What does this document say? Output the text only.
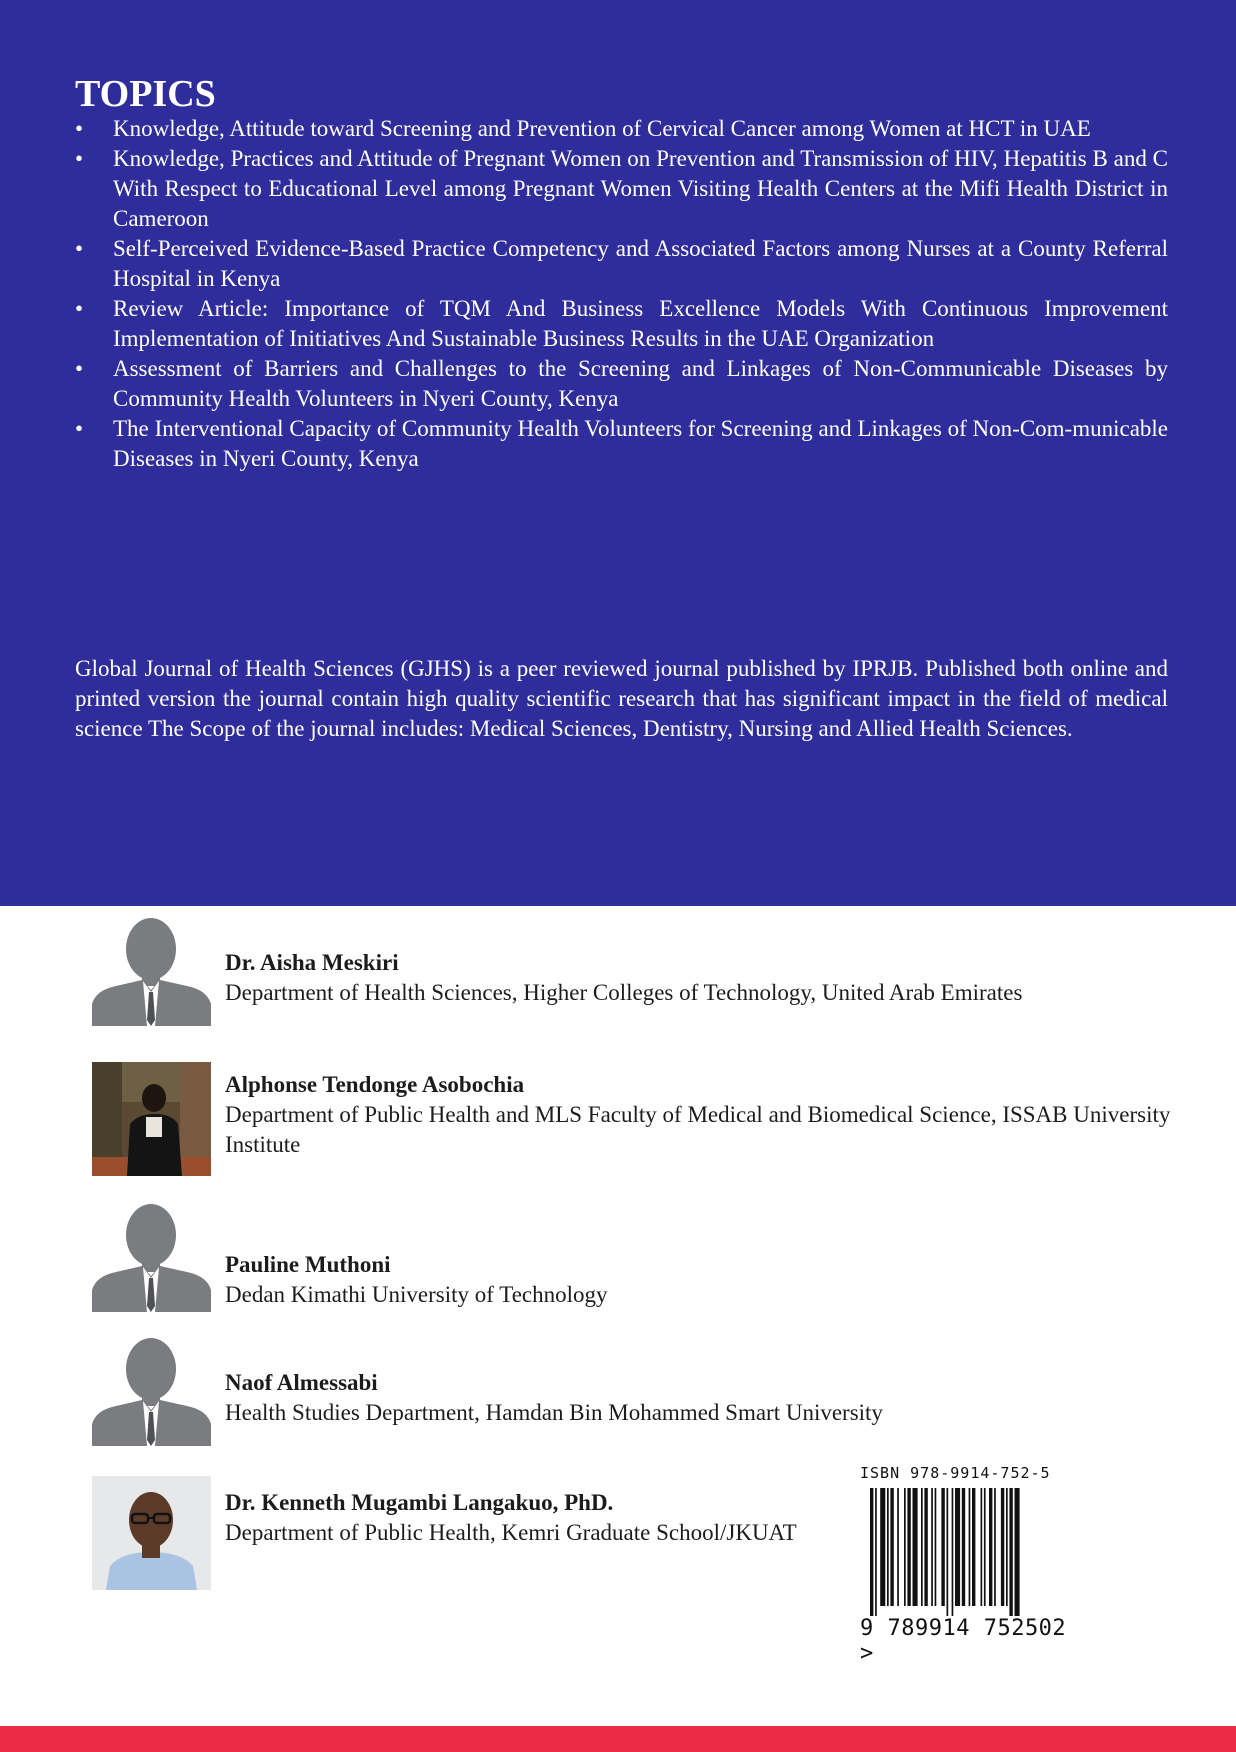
TOPICS
• Knowledge, Attitude toward Screening and Prevention of Cervical Cancer among Women at HCT in UAE
• Knowledge, Practices and Attitude of Pregnant Women on Prevention and Transmission of HIV, Hepatitis B and C With Respect to Educational Level among Pregnant Women Visiting Health Centers at the Mifi Health District in Cameroon
• Self-Perceived Evidence-Based Practice Competency and Associated Factors among Nurses at a County Referral Hospital in Kenya
• Review Article: Importance of TQM And Business Excellence Models With Continuous Improvement Implementation of Initiatives And Sustainable Business Results in the UAE Organization
• Assessment of Barriers and Challenges to the Screening and Linkages of Non-Communicable Diseases by Community Health Volunteers in Nyeri County, Kenya
• The Interventional Capacity of Community Health Volunteers for Screening and Linkages of Non-Com-municable Diseases in Nyeri County, Kenya

Global Journal of Health Sciences (GJHS) is a peer reviewed journal published by IPRJB. Published both online and printed version the journal contain high quality scientific research that has significant impact in the field of medical science The Scope of the journal includes: Medical Sciences, Dentistry, Nursing and Allied Health Sciences.

Dr. Aisha Meskiri
Department of Health Sciences, Higher Colleges of Technology, United Arab Emirates
Alphonse Tendonge Asobochia
Department of Public Health and MLS Faculty of Medical and Biomedical Science, ISSAB University Institute
Pauline Muthoni
Dedan Kimathi University of Technology
Naof Almessabi
Health Studies Department, Hamdan Bin Mohammed Smart University
Dr. Kenneth Mugambi Langakuo, PhD.
Department of Public Health, Kemri Graduate School/JKUAT
ISBN 978-9914-752-5
9 789914 752502 >
